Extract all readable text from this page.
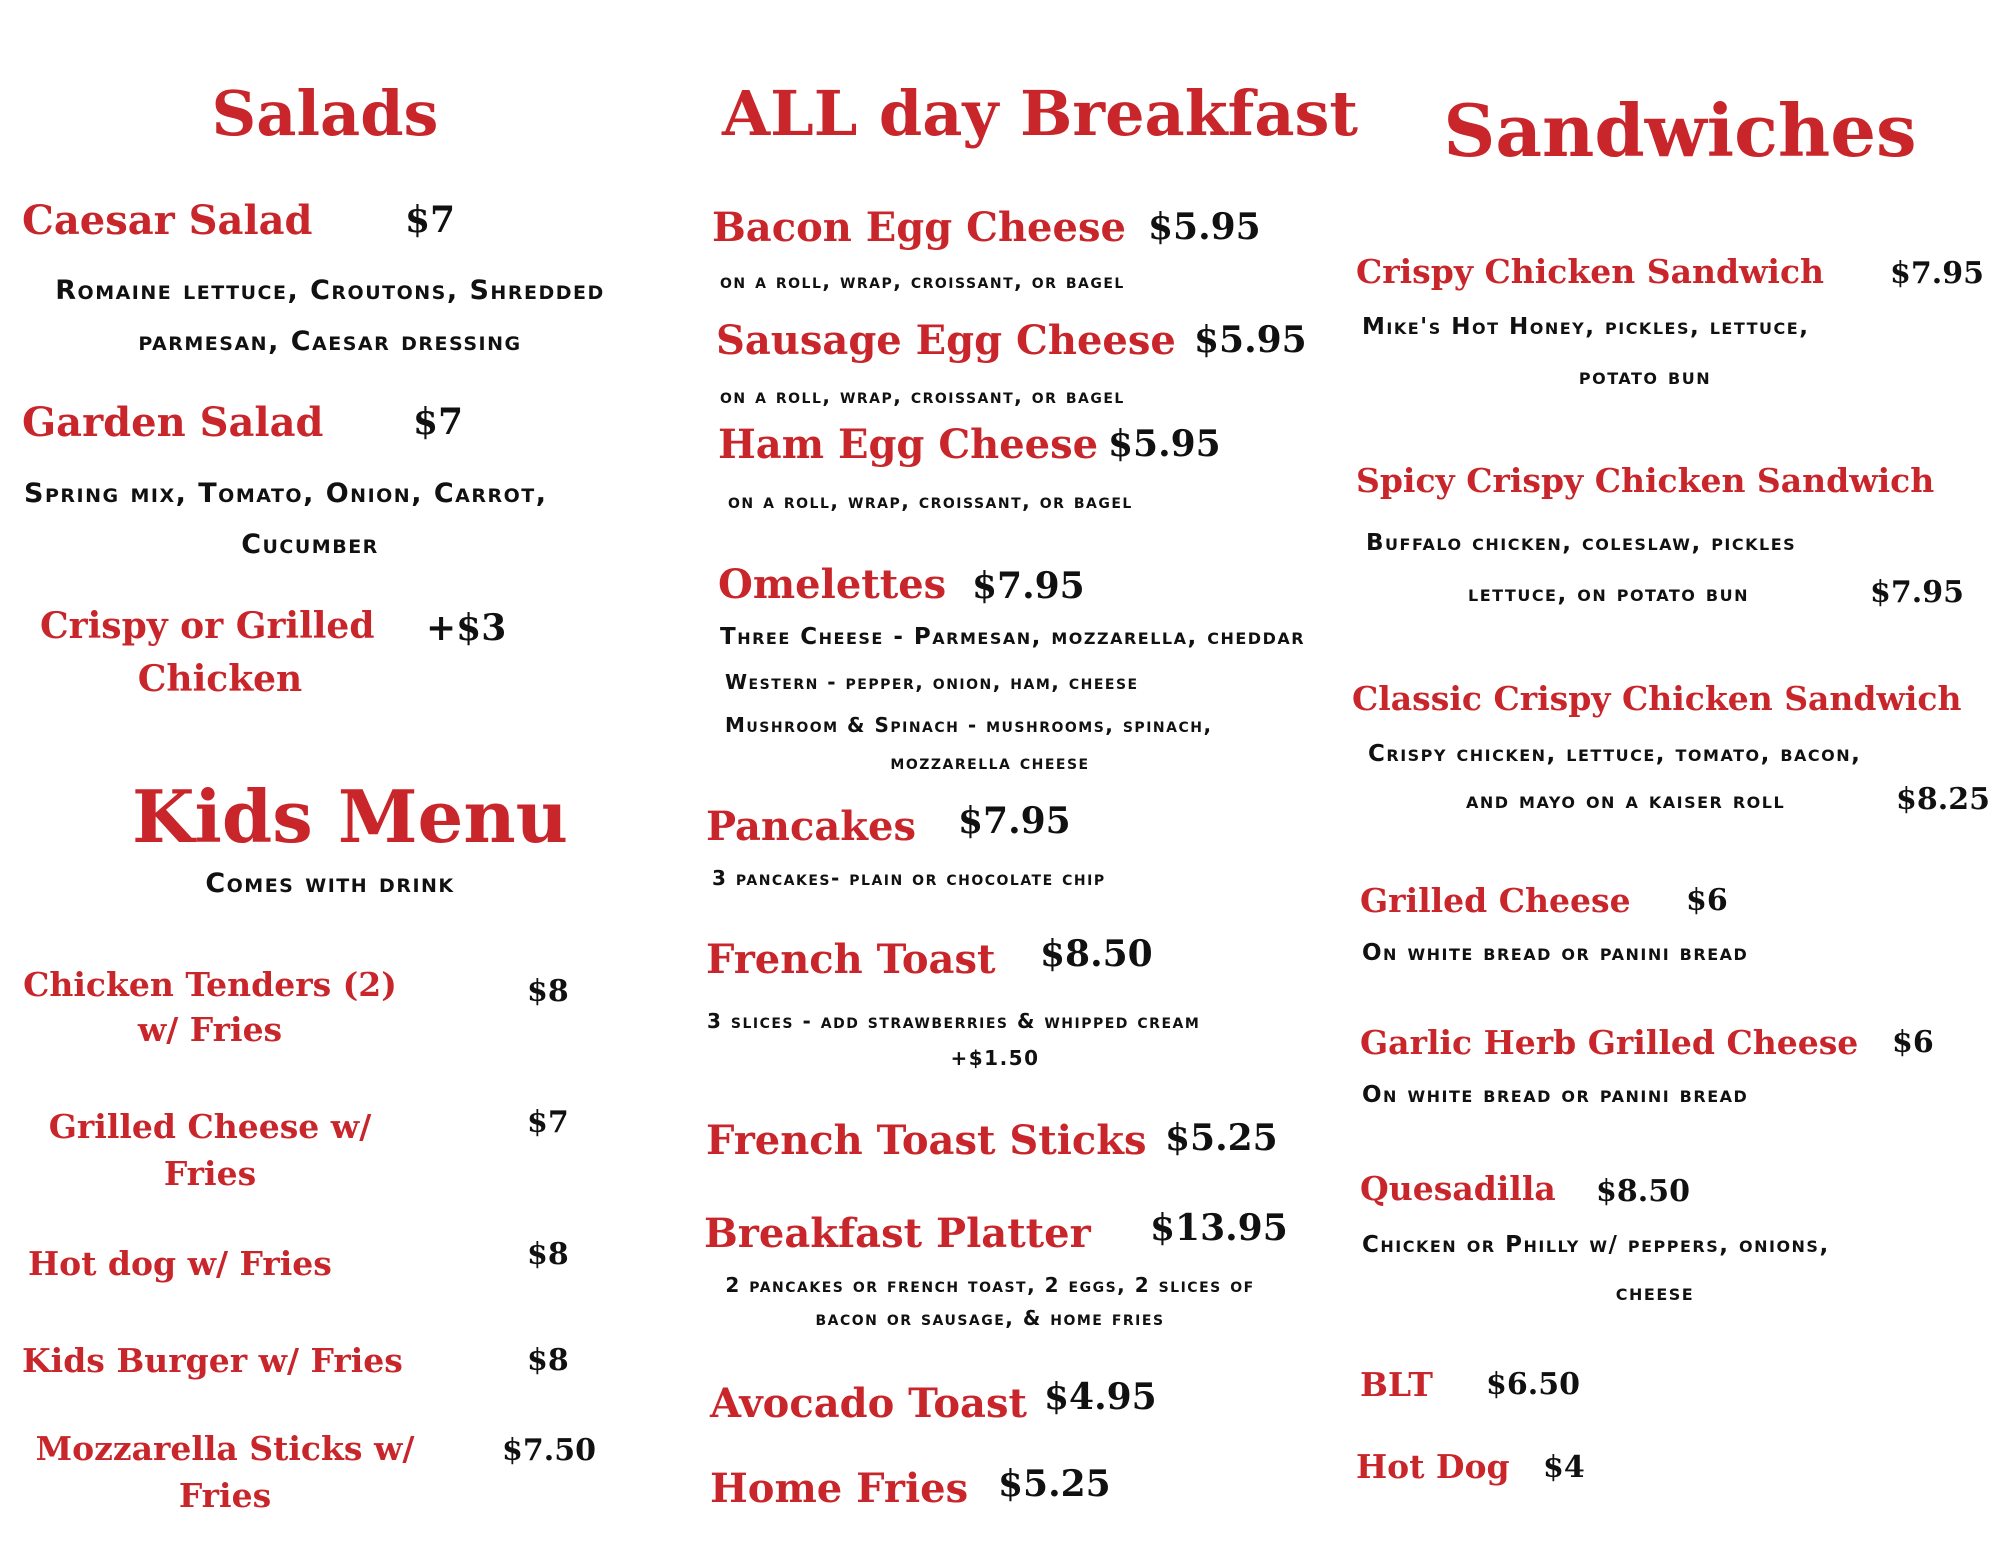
Salads
Caesar Salad	$7
Romaine lettuce, Croutons, Shredded
parmesan, Caesar dressing
Garden Salad $7
Spring mix, Tomato, Onion, Carrot,
Cucumber
Crispy or Grilled
Chicken
+$3
Kids Menu
Comes with drink
Chicken Tenders (2)
w/ Fries
$8
Grilled Cheese w/
Fries
$7
Hot dog w/ Fries	$8
Kids Burger w/ Fries	$8
Mozzarella Sticks w/
Fries
$7.50
ALL day Breakfast
Bacon Egg Cheese $5.95
on a roll, wrap, croissant, or bagel
Sausage Egg Cheese $5.95
on a roll, wrap, croissant, or bagel
Ham Egg Cheese $5.95
on a roll, wrap, croissant, or bagel
Omelettes $7.95
Three Cheese - Parmesan, mozzarella, cheddar
Western - pepper, onion, ham, cheese
Mushroom & Spinach - mushrooms, spinach,
mozzarella cheese
Pancakes $7.95
3 pancakes- plain or chocolate chip
French Toast $8.50
3 slices - add strawberries & whipped cream
+$1.50
French Toast Sticks $5.25
Breakfast Platter $13.95
2 pancakes or french toast, 2 eggs, 2 slices of
bacon or sausage, & home fries
Avocado Toast $4.95
Home Fries $5.25
Sandwiches
Crispy Chicken Sandwich $7.95
Mike's Hot Honey, pickles, lettuce,
potato bun
Spicy Crispy Chicken Sandwich
Buffalo chicken, coleslaw, pickles
lettuce, on potato bun	$7.95
Classic Crispy Chicken Sandwich
Crispy chicken, lettuce, tomato, bacon,
and mayo on a kaiser roll	$8.25
Grilled Cheese $6
On white bread or panini bread
Garlic Herb Grilled Cheese $6
On white bread or panini bread
Quesadilla $8.50
Chicken or Philly w/ peppers, onions,
cheese
BLT $6.50
Hot Dog $4
